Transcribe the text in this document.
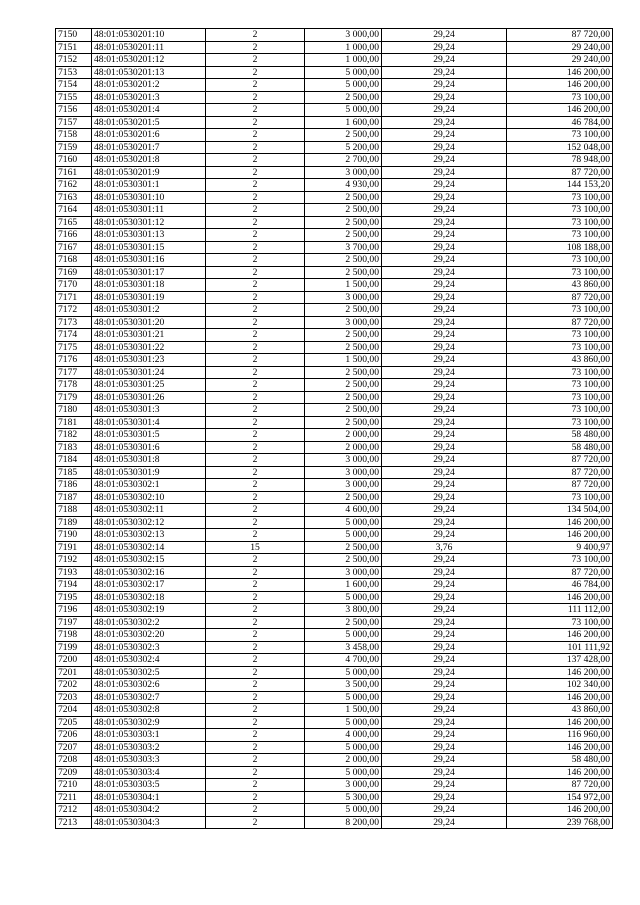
7150	48:01:0530201:10	2	3 000,00	29,24	87 720,00
7151	48:01:0530201:11	2	1 000,00	29,24	29 240,00
7152	48:01:0530201:12	2	1 000,00	29,24	29 240,00
7153	48:01:0530201:13	2	5 000,00	29,24	146 200,00
7154	48:01:0530201:2	2	5 000,00	29,24	146 200,00
7155	48:01:0530201:3	2	2 500,00	29,24	73 100,00
7156	48:01:0530201:4	2	5 000,00	29,24	146 200,00
7157	48:01:0530201:5	2	1 600,00	29,24	46 784,00
7158	48:01:0530201:6	2	2 500,00	29,24	73 100,00
7159	48:01:0530201:7	2	5 200,00	29,24	152 048,00
7160	48:01:0530201:8	2	2 700,00	29,24	78 948,00
7161	48:01:0530201:9	2	3 000,00	29,24	87 720,00
7162	48:01:0530301:1	2	4 930,00	29,24	144 153,20
7163	48:01:0530301:10	2	2 500,00	29,24	73 100,00
7164	48:01:0530301:11	2	2 500,00	29,24	73 100,00
7165	48:01:0530301:12	2	2 500,00	29,24	73 100,00
7166	48:01:0530301:13	2	2 500,00	29,24	73 100,00
7167	48:01:0530301:15	2	3 700,00	29,24	108 188,00
7168	48:01:0530301:16	2	2 500,00	29,24	73 100,00
7169	48:01:0530301:17	2	2 500,00	29,24	73 100,00
7170	48:01:0530301:18	2	1 500,00	29,24	43 860,00
7171	48:01:0530301:19	2	3 000,00	29,24	87 720,00
7172	48:01:0530301:2	2	2 500,00	29,24	73 100,00
7173	48:01:0530301:20	2	3 000,00	29,24	87 720,00
7174	48:01:0530301:21	2	2 500,00	29,24	73 100,00
7175	48:01:0530301:22	2	2 500,00	29,24	73 100,00
7176	48:01:0530301:23	2	1 500,00	29,24	43 860,00
7177	48:01:0530301:24	2	2 500,00	29,24	73 100,00
7178	48:01:0530301:25	2	2 500,00	29,24	73 100,00
7179	48:01:0530301:26	2	2 500,00	29,24	73 100,00
7180	48:01:0530301:3	2	2 500,00	29,24	73 100,00
7181	48:01:0530301:4	2	2 500,00	29,24	73 100,00
7182	48:01:0530301:5	2	2 000,00	29,24	58 480,00
7183	48:01:0530301:6	2	2 000,00	29,24	58 480,00
7184	48:01:0530301:8	2	3 000,00	29,24	87 720,00
7185	48:01:0530301:9	2	3 000,00	29,24	87 720,00
7186	48:01:0530302:1	2	3 000,00	29,24	87 720,00
7187	48:01:0530302:10	2	2 500,00	29,24	73 100,00
7188	48:01:0530302:11	2	4 600,00	29,24	134 504,00
7189	48:01:0530302:12	2	5 000,00	29,24	146 200,00
7190	48:01:0530302:13	2	5 000,00	29,24	146 200,00
7191	48:01:0530302:14	15	2 500,00	3,76	9 400,97
7192	48:01:0530302:15	2	2 500,00	29,24	73 100,00
7193	48:01:0530302:16	2	3 000,00	29,24	87 720,00
7194	48:01:0530302:17	2	1 600,00	29,24	46 784,00
7195	48:01:0530302:18	2	5 000,00	29,24	146 200,00
7196	48:01:0530302:19	2	3 800,00	29,24	111 112,00
7197	48:01:0530302:2	2	2 500,00	29,24	73 100,00
7198	48:01:0530302:20	2	5 000,00	29,24	146 200,00
7199	48:01:0530302:3	2	3 458,00	29,24	101 111,92
7200	48:01:0530302:4	2	4 700,00	29,24	137 428,00
7201	48:01:0530302:5	2	5 000,00	29,24	146 200,00
7202	48:01:0530302:6	2	3 500,00	29,24	102 340,00
7203	48:01:0530302:7	2	5 000,00	29,24	146 200,00
7204	48:01:0530302:8	2	1 500,00	29,24	43 860,00
7205	48:01:0530302:9	2	5 000,00	29,24	146 200,00
7206	48:01:0530303:1	2	4 000,00	29,24	116 960,00
7207	48:01:0530303:2	2	5 000,00	29,24	146 200,00
7208	48:01:0530303:3	2	2 000,00	29,24	58 480,00
7209	48:01:0530303:4	2	5 000,00	29,24	146 200,00
7210	48:01:0530303:5	2	3 000,00	29,24	87 720,00
7211	48:01:0530304:1	2	5 300,00	29,24	154 972,00
7212	48:01:0530304:2	2	5 000,00	29,24	146 200,00
7213	48:01:0530304:3	2	8 200,00	29,24	239 768,00
